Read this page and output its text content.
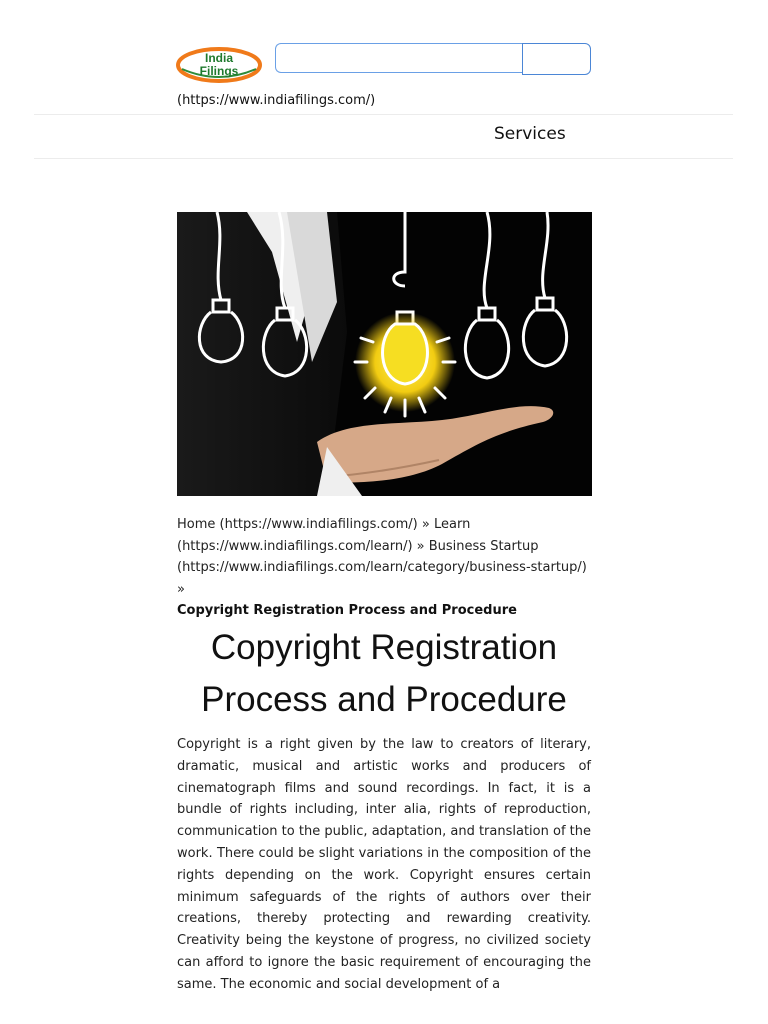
India
Filings
(https://www.indiafilings.com/)
Services
Home (https://www.indiafilings.com/) » Learn (https://www.indiafilings.com/learn/) » Business Startup (https://www.indiafilings.com/learn/category/business-startup/) »
Copyright Registration Process and Procedure
Copyright Registration Process and Procedure

Copyright is a right given by the law to creators of literary, dramatic, musical and artistic works and producers of cinematograph films and sound recordings. In fact, it is a bundle of rights including, inter alia, rights of reproduction, communication to the public, adaptation, and translation of the work. There could be slight variations in the composition of the rights depending on the work. Copyright ensures certain minimum safeguards of the rights of authors over their creations, thereby protecting and rewarding creativity. Creativity being the keystone of progress, no civilized society can afford to ignore the basic requirement of encouraging the same. The economic and social development of a
